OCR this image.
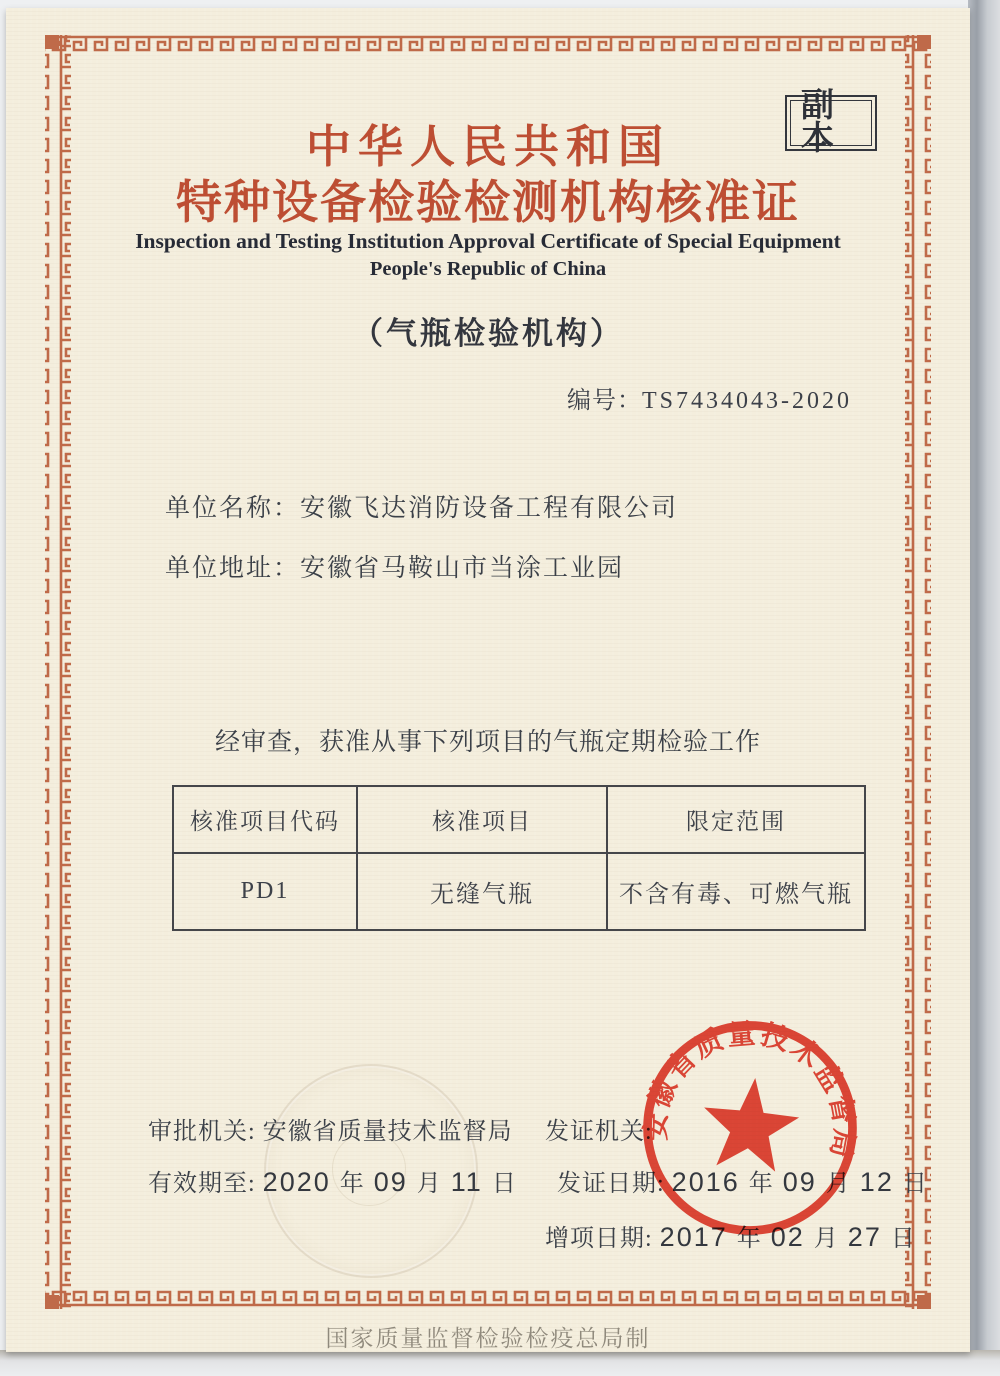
副本
中华人民共和国
特种设备检验检测机构核准证
Inspection and Testing Institution Approval Certificate of Special Equipment
People's Republic of China
（气瓶检验机构）
编号：TS7434043-2020
单位名称：安徽飞达消防设备工程有限公司
单位地址：安徽省马鞍山市当涂工业园
经审查，获准从事下列项目的气瓶定期检验工作
核准项目代码	核准项目	限定范围
PD1	无缝气瓶	不含有毒、可燃气瓶
审批机关: 安徽省质量技术监督局
有效期至: 2020 年 09 月 11 日
发证机关:
发证日期: 2016 年 09 月 12 日
增项日期: 2017 年 02 月 27 日
安徽省质量技术监督局
国家质量监督检验检疫总局制
